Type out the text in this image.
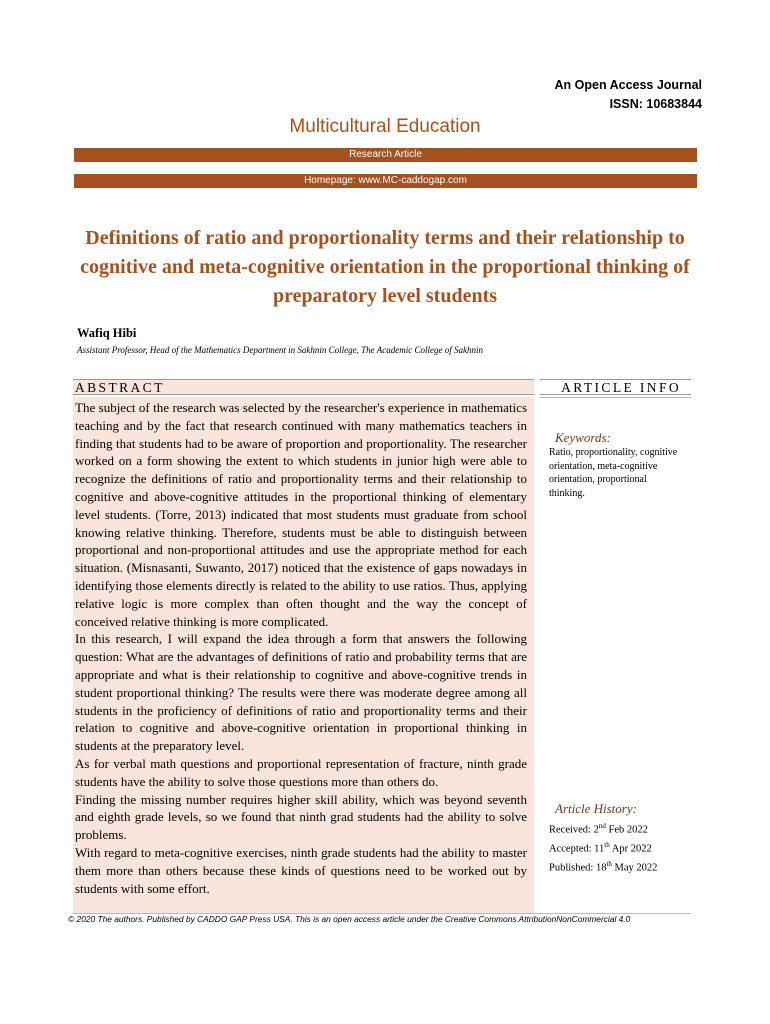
An Open Access Journal
ISSN: 10683844
Multicultural Education
Research Article
Homepage: www.MC-caddogap.com
Definitions of ratio and proportionality terms and their relationship to cognitive and meta-cognitive orientation in the proportional thinking of preparatory level students
Wafiq Hibi
Assistant Professor, Head of the Mathematics Department in Sakhnin College, The Academic College of Sakhnin
ABSTRACT	ARTICLE INFO

The subject of the research was selected by the researcher's experience in mathematics teaching and by the fact that research continued with many mathematics teachers in finding that students had to be aware of proportion and proportionality. The researcher worked on a form showing the extent to which students in junior high were able to recognize the definitions of ratio and proportionality terms and their relationship to cognitive and above-cognitive attitudes in the proportional thinking of elementary level students. (Torre, 2013) indicated that most students must graduate from school knowing relative thinking. Therefore, students must be able to distinguish between proportional and non-proportional attitudes and use the appropriate method for each situation. (Misnasanti, Suwanto, 2017) noticed that the existence of gaps nowadays in identifying those elements directly is related to the ability to use ratios. Thus, applying relative logic is more complex than often thought and the way the concept of conceived relative thinking is more complicated.

In this research, I will expand the idea through a form that answers the following question: What are the advantages of definitions of ratio and probability terms that are appropriate and what is their relationship to cognitive and above-cognitive trends in student proportional thinking? The results were there was moderate degree among all students in the proficiency of definitions of ratio and proportionality terms and their relation to cognitive and above-cognitive orientation in proportional thinking in students at the preparatory level.

As for verbal math questions and proportional representation of fracture, ninth grade students have the ability to solve those questions more than others do.

Finding the missing number requires higher skill ability, which was beyond seventh and eighth grade levels, so we found that ninth grad students had the ability to solve problems.

With regard to meta-cognitive exercises, ninth grade students had the ability to master them more than others because these kinds of questions need to be worked out by students with some effort.

Keywords:
Ratio, proportionality, cognitive orientation, meta-cognitive orientation, proportional thinking.
Article History:
Received: 2nd Feb 2022
Accepted: 11th Apr 2022
Published: 18th May 2022
© 2020 The authors. Published by CADDO GAP Press USA. This is an open access article under the Creative Commons AttributionNonCommercial 4.0
